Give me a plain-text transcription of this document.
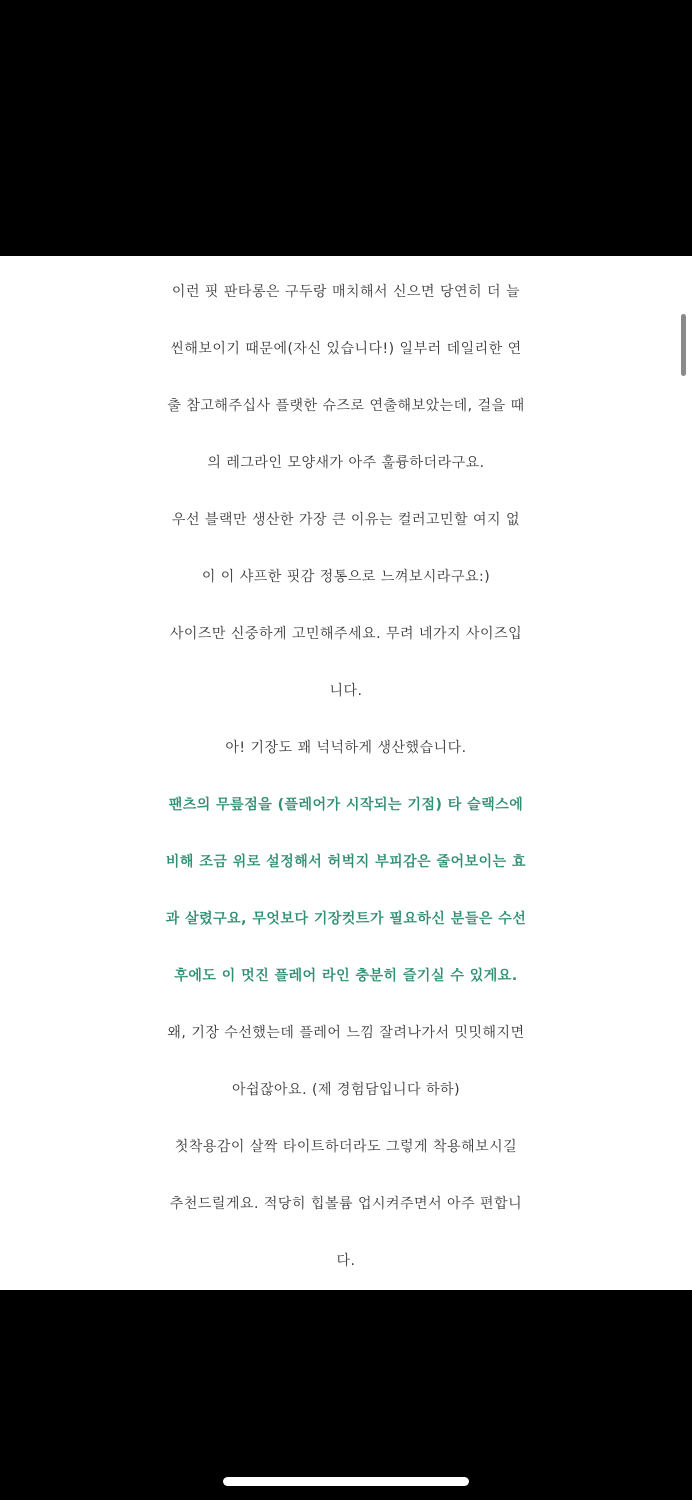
이런 핏 판타롱은 구두랑 매치해서 신으면 당연히 더 늘
씬해보이기 때문에(자신 있습니다!) 일부러 데일리한 연
출 참고해주십사 플랫한 슈즈로 연출해보았는데, 걸을 때
의 레그라인 모양새가 아주 훌륭하더라구요.
우선 블랙만 생산한 가장 큰 이유는 컬러고민할 여지 없
이 이 샤프한 핏감 정통으로 느껴보시라구요:)
사이즈만 신중하게 고민해주세요. 무려 네가지 사이즈입
니다.
아! 기장도 꽤 넉넉하게 생산했습니다.
팬츠의 무릎점을 (플레어가 시작되는 기점) 타 슬랙스에
비해 조금 위로 설정해서 허벅지 부피감은 줄어보이는 효
과 살렸구요, 무엇보다 기장컷트가 필요하신 분들은 수선
후에도 이 멋진 플레어 라인 충분히 즐기실 수 있게요.
왜, 기장 수선했는데 플레어 느낌 잘려나가서 밋밋해지면
아쉽잖아요. (제 경험담입니다 하하)
첫착용감이 살짝 타이트하더라도 그렇게 착용해보시길
추천드릴게요. 적당히 힙볼륨 업시켜주면서 아주 편합니
다.
